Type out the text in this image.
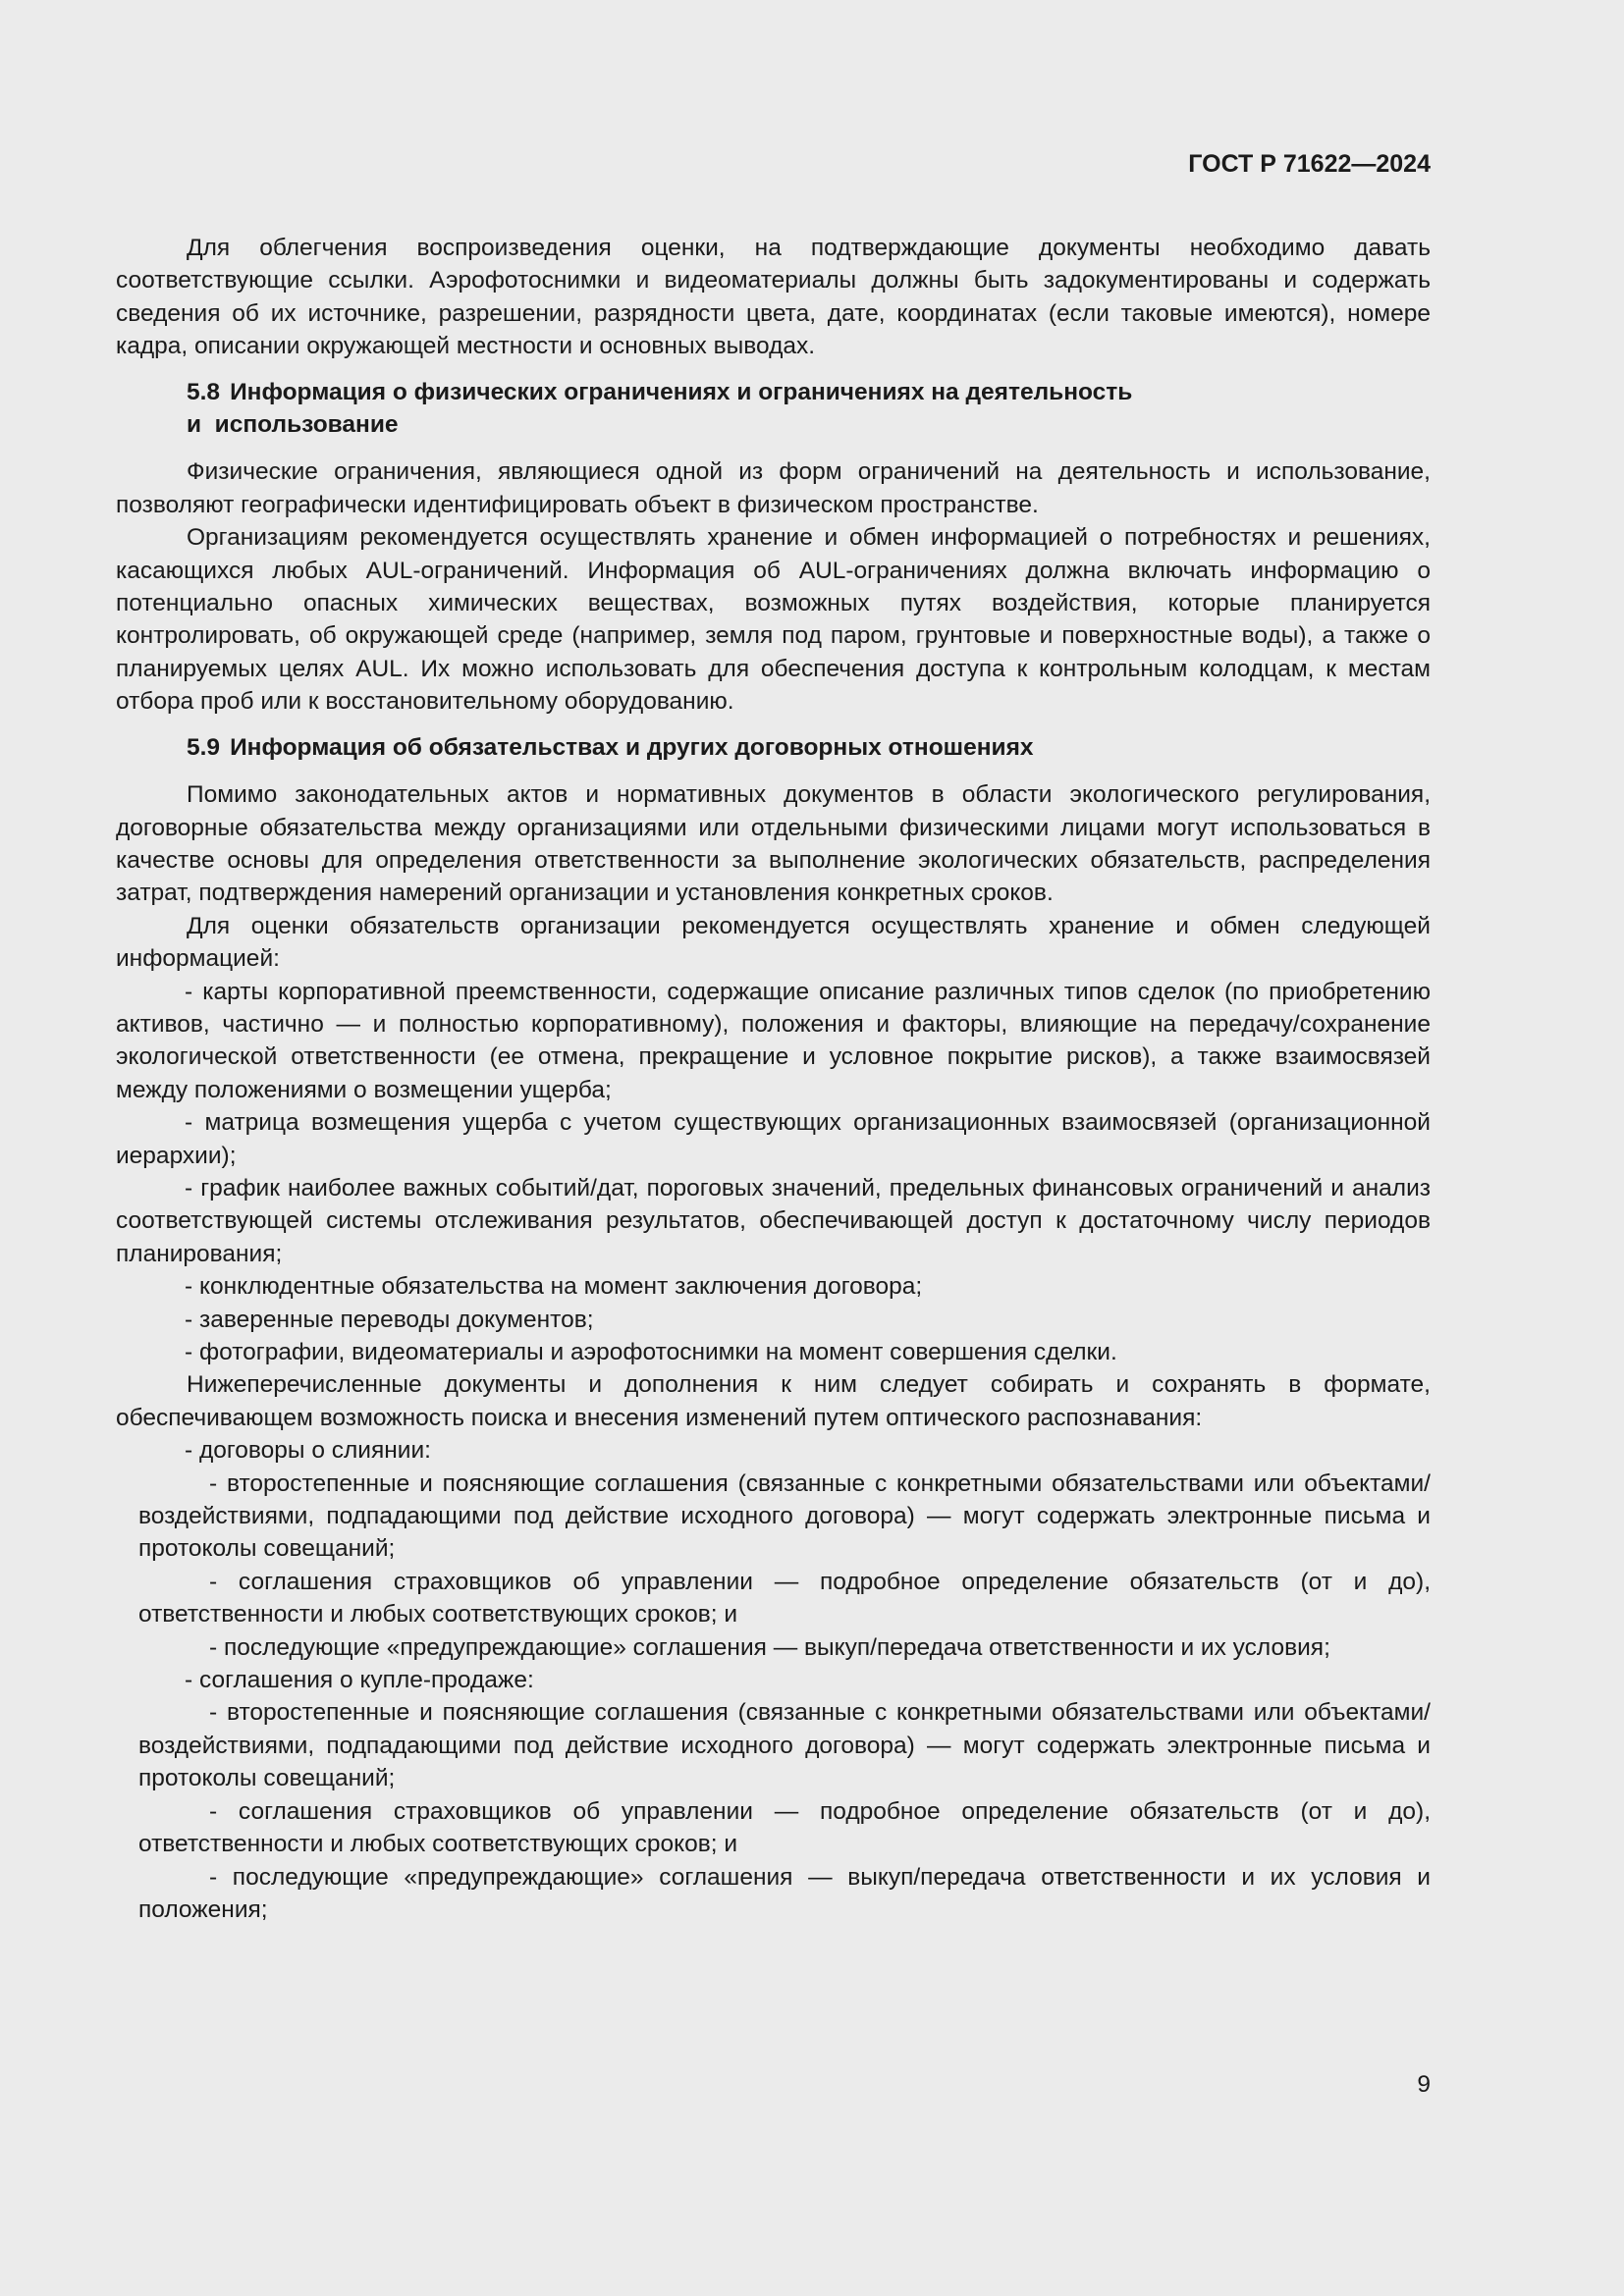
ГОСТ Р 71622—2024

Для облегчения воспроизведения оценки, на подтверждающие документы необходимо давать соответствующие ссылки. Аэрофотоснимки и видеоматериалы должны быть задокументированы и содержать сведения об их источнике, разрешении, разрядности цвета, дате, координатах (если таковые имеются), номере кадра, описании окружающей местности и основных выводах.

5.8 Информация о физических ограничениях и ограничениях на деятельность
и  использование

Физические ограничения, являющиеся одной из форм ограничений на деятельность и использование, позволяют географически идентифицировать объект в физическом пространстве.

Организациям рекомендуется осуществлять хранение и обмен информацией о потребностях и решениях, касающихся любых AUL-ограничений. Информация об AUL-ограничениях должна включать информацию о потенциально опасных химических веществах, возможных путях воздействия, которые планируется контролировать, об окружающей среде (например, земля под паром, грунтовые и поверхностные воды), а также о планируемых целях AUL. Их можно использовать для обеспечения доступа к контрольным колодцам, к местам отбора проб или к восстановительному оборудованию.

5.9 Информация об обязательствах и других договорных отношениях

Помимо законодательных актов и нормативных документов в области экологического регулирования, договорные обязательства между организациями или отдельными физическими лицами могут использоваться в качестве основы для определения ответственности за выполнение экологических обязательств, распределения затрат, подтверждения намерений организации и установления конкретных сроков.

Для оценки обязательств организации рекомендуется осуществлять хранение и обмен следующей информацией:

- карты корпоративной преемственности, содержащие описание различных типов сделок (по приобретению активов, частично — и полностью корпоративному), положения и факторы, влияющие на передачу/сохранение экологической ответственности (ее отмена, прекращение и условное покрытие рисков), а также взаимосвязей между положениями о возмещении ущерба;

- матрица возмещения ущерба с учетом существующих организационных взаимосвязей (организационной иерархии);

- график наиболее важных событий/дат, пороговых значений, предельных финансовых ограничений и анализ соответствующей системы отслеживания результатов, обеспечивающей доступ к достаточному числу периодов планирования;

- конклюдентные обязательства на момент заключения договора;

- заверенные переводы документов;

- фотографии, видеоматериалы и аэрофотоснимки на момент совершения сделки.

Нижеперечисленные документы и дополнения к ним следует собирать и сохранять в формате, обеспечивающем возможность поиска и внесения изменений путем оптического распознавания:

- договоры о слиянии:

- второстепенные и поясняющие соглашения (связанные с конкретными обязательствами или объектами/воздействиями, подпадающими под действие исходного договора) — могут содержать электронные письма и протоколы совещаний;

- соглашения страховщиков об управлении — подробное определение обязательств (от и до), ответственности и любых соответствующих сроков; и

- последующие «предупреждающие» соглашения — выкуп/передача ответственности и их условия;

- соглашения о купле-продаже:

- второстепенные и поясняющие соглашения (связанные с конкретными обязательствами или объектами/воздействиями, подпадающими под действие исходного договора) — могут содержать электронные письма и протоколы совещаний;

- соглашения страховщиков об управлении — подробное определение обязательств (от и до), ответственности и любых соответствующих сроков; и

- последующие «предупреждающие» соглашения — выкуп/передача ответственности и их условия и положения;

9
